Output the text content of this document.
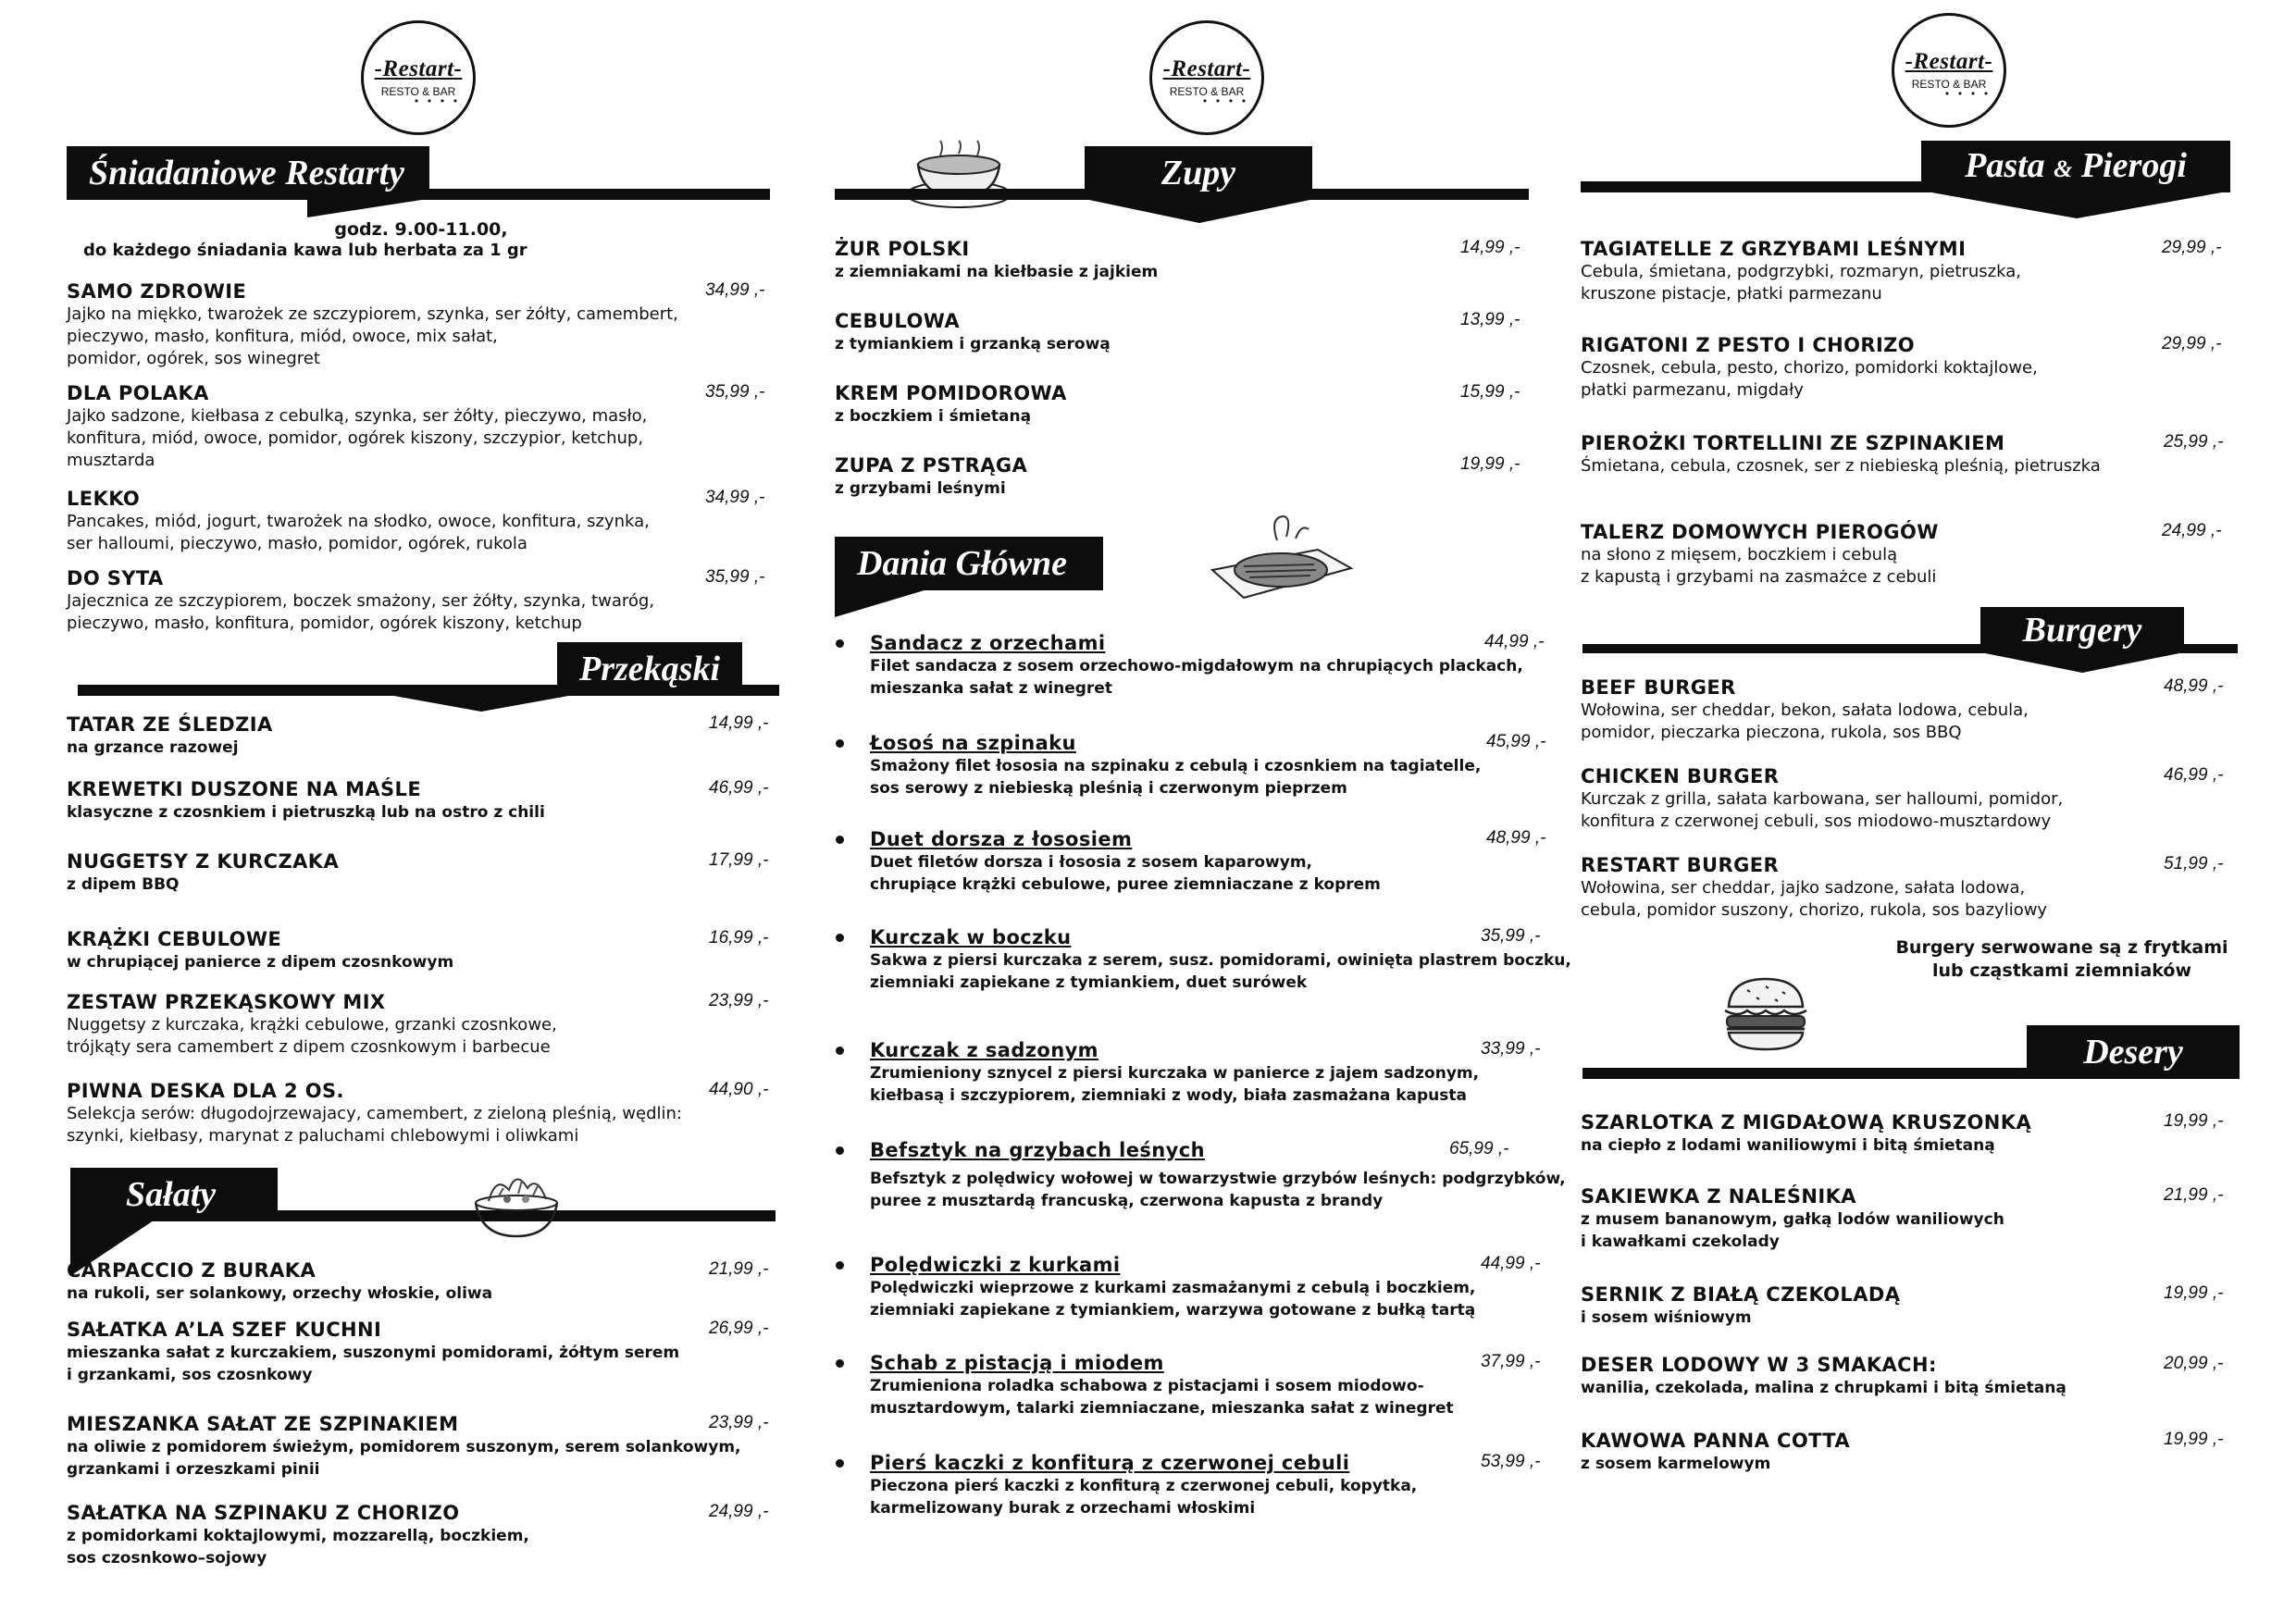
-Restart-
RESTO & BAR
• • • •
Śniadaniowe Restarty
godz. 9.00-11.00,
do każdego śniadania kawa lub herbata za 1 gr
SAMO ZDROWIE	34,99 ,-
Jajko na miękko, twarożek ze szczypiorem, szynka, ser żółty, camembert,
pieczywo, masło, konfitura, miód, owoce, mix sałat,
pomidor, ogórek, sos winegret
DLA POLAKA	35,99 ,-
Jajko sadzone, kiełbasa z cebulką, szynka, ser żółty, pieczywo, masło,
konfitura, miód, owoce, pomidor, ogórek kiszony, szczypior, ketchup,
musztarda
LEKKO	34,99 ,-
Pancakes, miód, jogurt, twarożek na słodko, owoce, konfitura, szynka,
ser halloumi, pieczywo, masło, pomidor, ogórek, rukola
DO SYTA	35,99 ,-
Jajecznica ze szczypiorem, boczek smażony, ser żółty, szynka, twaróg,
pieczywo, masło, konfitura, pomidor, ogórek kiszony, ketchup
Przekąski
TATAR ZE ŚLEDZIA	14,99 ,-
na grzance razowej
KREWETKI DUSZONE NA MAŚLE	46,99 ,-
klasyczne z czosnkiem i pietruszką lub na ostro z chili
NUGGETSY Z KURCZAKA	17,99 ,-
z dipem BBQ
KRĄŻKI CEBULOWE	16,99 ,-
w chrupiącej panierce z dipem czosnkowym
ZESTAW PRZEKĄSKOWY MIX	23,99 ,-
Nuggetsy z kurczaka, krążki cebulowe, grzanki czosnkowe,
trójkąty sera camembert z dipem czosnkowym i barbecue
PIWNA DESKA DLA 2 OS.	44,90 ,-
Selekcja serów: długodojrzewajacy, camembert, z zieloną pleśnią, wędlin:
szynki, kiełbasy, marynat z paluchami chlebowymi i oliwkami
Sałaty
CARPACCIO Z BURAKA	21,99 ,-
na rukoli, ser solankowy, orzechy włoskie, oliwa
SAŁATKA A’LA SZEF KUCHNI	26,99 ,-
mieszanka sałat z kurczakiem, suszonymi pomidorami, żółtym serem
i grzankami, sos czosnkowy
MIESZANKA SAŁAT ZE SZPINAKIEM	23,99 ,-
na oliwie z pomidorem świeżym, pomidorem suszonym, serem solankowym,
grzankami i orzeszkami pinii
SAŁATKA NA SZPINAKU Z CHORIZO	24,99 ,-
z pomidorkami koktajlowymi, mozzarellą, boczkiem,
sos czosnkowo–sojowy
-Restart-
RESTO & BAR
• • • •
Zupy
ŻUR POLSKI	14,99 ,-
z ziemniakami na kiełbasie z jajkiem
CEBULOWA	13,99 ,-
z tymiankiem i grzanką serową
KREM POMIDOROWA	15,99 ,-
z boczkiem i śmietaną
ZUPA Z PSTRĄGA	19,99 ,-
z grzybami leśnymi
Dania Główne
Sandacz z orzechami	44,99 ,-
Filet sandacza z sosem orzechowo-migdałowym na chrupiących plackach,
mieszanka sałat z winegret
Łosoś na szpinaku	45,99 ,-
Smażony filet łososia na szpinaku z cebulą i czosnkiem na tagiatelle,
sos serowy z niebieską pleśnią i czerwonym pieprzem
Duet dorsza z łososiem	48,99 ,-
Duet filetów dorsza i łososia z sosem kaparowym,
chrupiące krążki cebulowe, puree ziemniaczane z koprem
Kurczak w boczku	35,99 ,-
Sakwa z piersi kurczaka z serem, susz. pomidorami, owinięta plastrem boczku,
ziemniaki zapiekane z tymiankiem, duet surówek
Kurczak z sadzonym	33,99 ,-
Zrumieniony sznycel z piersi kurczaka w panierce z jajem sadzonym,
kiełbasą i szczypiorem, ziemniaki z wody, biała zasmażana kapusta
Befsztyk na grzybach leśnych	65,99 ,-
Befsztyk z polędwicy wołowej w towarzystwie grzybów leśnych: podgrzybków,
puree z musztardą francuską, czerwona kapusta z brandy
Polędwiczki z kurkami	44,99 ,-
Polędwiczki wieprzowe z kurkami zasmażanymi z cebulą i boczkiem,
ziemniaki zapiekane z tymiankiem, warzywa gotowane z bułką tartą
Schab z pistacją i miodem	37,99 ,-
Zrumieniona roladka schabowa z pistacjami i sosem miodowo-
musztardowym, talarki ziemniaczane, mieszanka sałat z winegret
Pierś kaczki z konfiturą z czerwonej cebuli	53,99 ,-
Pieczona pierś kaczki z konfiturą z czerwonej cebuli, kopytka,
karmelizowany burak z orzechami włoskimi
-Restart-
RESTO & BAR
• • • •
Pasta & Pierogi
TAGIATELLE Z GRZYBAMI LEŚNYMI	29,99 ,-
Cebula, śmietana, podgrzybki, rozmaryn, pietruszka,
kruszone pistacje, płatki parmezanu
RIGATONI Z PESTO I CHORIZO	29,99 ,-
Czosnek, cebula, pesto, chorizo, pomidorki koktajlowe,
płatki parmezanu, migdały
PIEROŻKI TORTELLINI ZE SZPINAKIEM	25,99 ,-
Śmietana, cebula, czosnek, ser z niebieską pleśnią, pietruszka
TALERZ DOMOWYCH PIEROGÓW	24,99 ,-
na słono z mięsem, boczkiem i cebulą
z kapustą i grzybami na zasmażce z cebuli
Burgery
BEEF BURGER	48,99 ,-
Wołowina, ser cheddar, bekon, sałata lodowa, cebula,
pomidor, pieczarka pieczona, rukola, sos BBQ
CHICKEN BURGER	46,99 ,-
Kurczak z grilla, sałata karbowana, ser halloumi, pomidor,
konfitura z czerwonej cebuli, sos miodowo-musztardowy
RESTART BURGER	51,99 ,-
Wołowina, ser cheddar, jajko sadzone, sałata lodowa,
cebula, pomidor suszony, chorizo, rukola, sos bazyliowy
Burgery serwowane są z frytkami
lub cząstkami ziemniaków
Desery
SZARLOTKA Z MIGDAŁOWĄ KRUSZONKĄ	19,99 ,-
na ciepło z lodami waniliowymi i bitą śmietaną
SAKIEWKA Z NALEŚNIKA	21,99 ,-
z musem bananowym, gałką lodów waniliowych
i kawałkami czekolady
SERNIK Z BIAŁĄ CZEKOLADĄ	19,99 ,-
i sosem wiśniowym
DESER LODOWY W 3 SMAKACH:	20,99 ,-
wanilia, czekolada, malina z chrupkami i bitą śmietaną
KAWOWA PANNA COTTA	19,99 ,-
z sosem karmelowym
